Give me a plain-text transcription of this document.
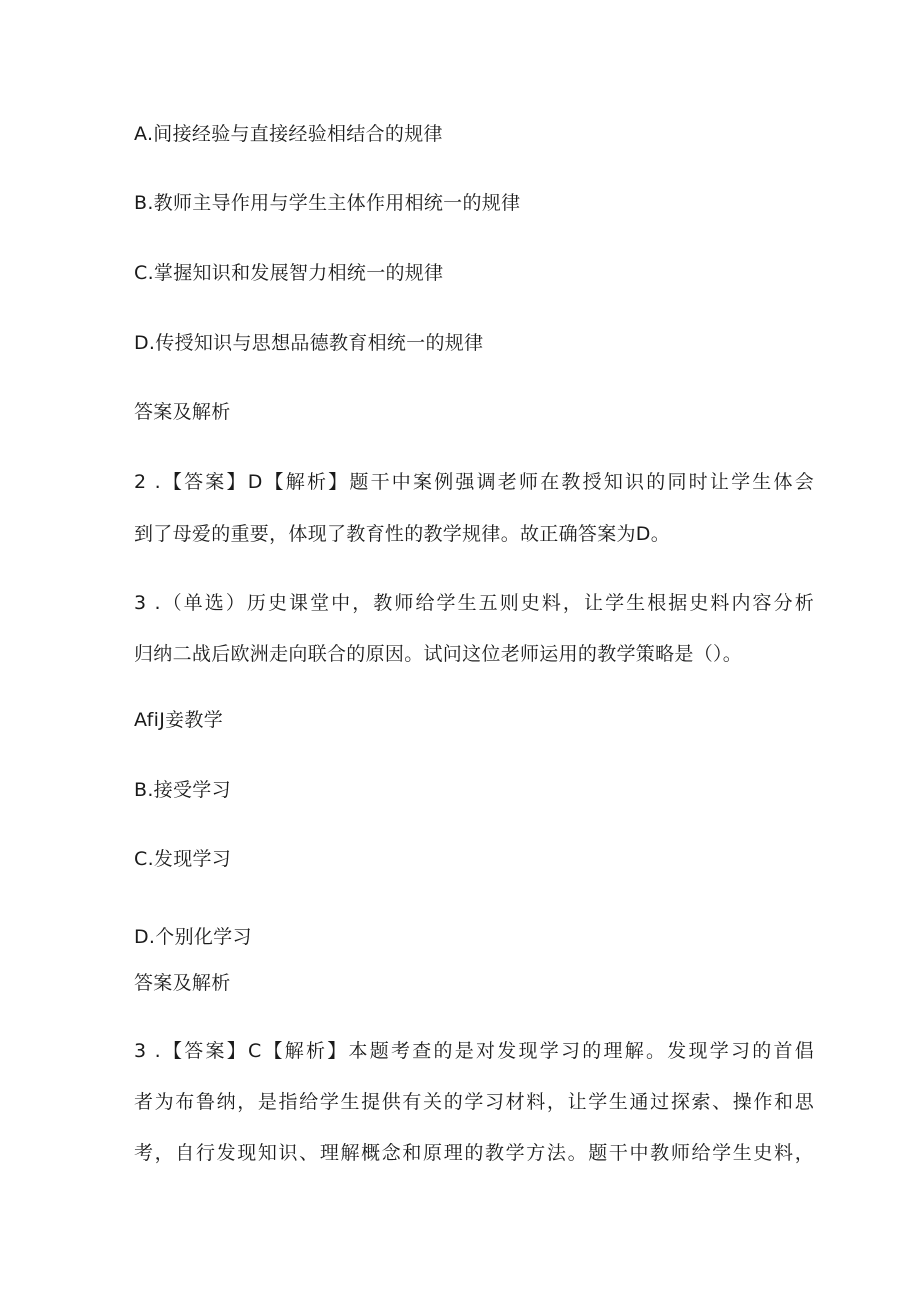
A.间接经验与直接经验相结合的规律
B.教师主导作用与学生主体作用相统一的规律
C.掌握知识和发展智力相统一的规律
D.传授知识与思想品德教育相统一的规律
答案及解析
2 .【答案】D【解析】题干中案例强调老师在教授知识的同时让学生体会
到了母爱的重要，体现了教育性的教学规律。故正确答案为D。
3 .（单选）历史课堂中，教师给学生五则史料，让学生根据史料内容分析
归纳二战后欧洲走向联合的原因。试问这位老师运用的教学策略是（）。
AfiJ妾教学
B.接受学习
C.发现学习
D.个别化学习
答案及解析
3 .【答案】C【解析】本题考查的是对发现学习的理解。发现学习的首倡
者为布鲁纳，是指给学生提供有关的学习材料，让学生通过探索、操作和思
考，自行发现知识、理解概念和原理的教学方法。题干中教师给学生史料，
